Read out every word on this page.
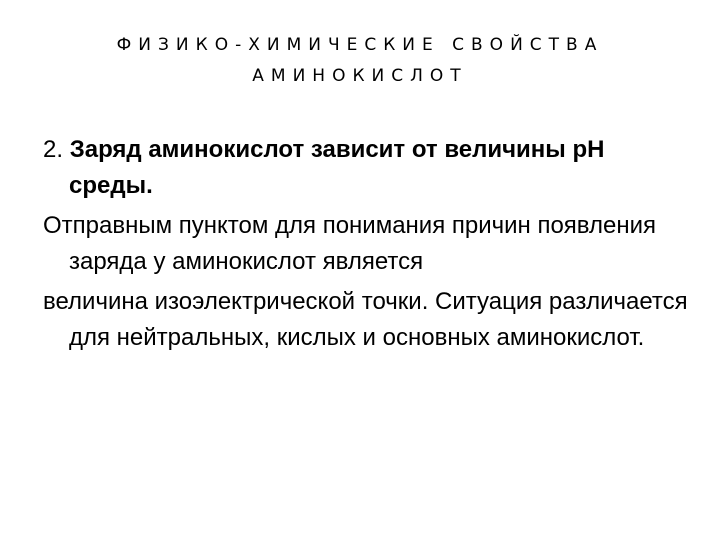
ФИЗИКО-ХИМИЧЕСКИЕ СВОЙСТВА
АМИНОКИСЛОТ

2. Заряд аминокислот зависит от величины pH среды.

Отправным пунктом для понимания причин появления заряда у аминокислот является

величина изоэлектрической точки. Ситуация различается для нейтральных, кислых и основных аминокислот.
